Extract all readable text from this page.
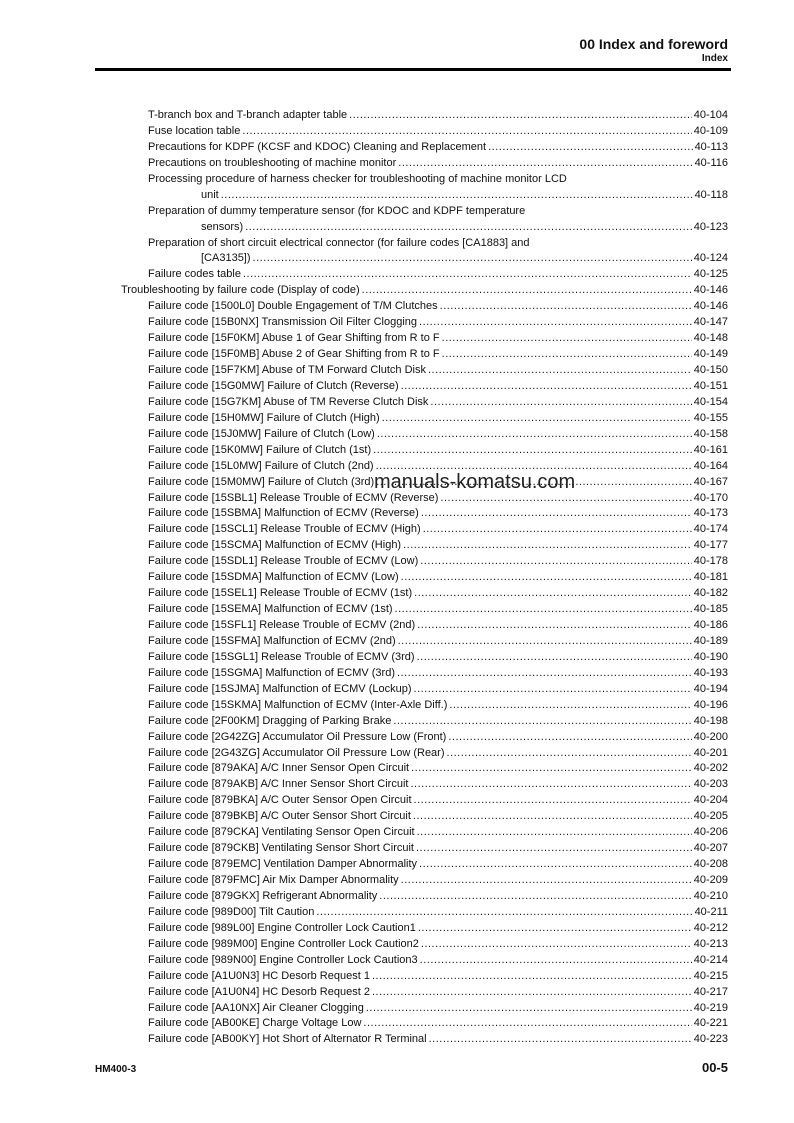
00 Index and foreword
Index
T-branch box and T-branch adapter table .....	40-104
Fuse location table .....	40-109
Precautions for KDPF (KCSF and KDOC) Cleaning and Replacement .....	40-113
Precautions on troubleshooting of machine monitor .....	40-116
Processing procedure of harness checker for troubleshooting of machine monitor LCD
unit .....	40-118
Preparation of dummy temperature sensor (for KDOC and KDPF temperature
sensors) .....	40-123
Preparation of short circuit electrical connector (for failure codes [CA1883] and
[CA3135]) .....	40-124
Failure codes table .....	40-125
Troubleshooting by failure code (Display of code) .....	40-146
Failure code [1500L0] Double Engagement of T/M Clutches .....	40-146
Failure code [15B0NX] Transmission Oil Filter Clogging .....	40-147
Failure code [15F0KM] Abuse 1 of Gear Shifting from R to F .....	40-148
Failure code [15F0MB] Abuse 2 of Gear Shifting from R to F .....	40-149
Failure code [15F7KM] Abuse of TM Forward Clutch Disk .....	40-150
Failure code [15G0MW] Failure of Clutch (Reverse) .....	40-151
Failure code [15G7KM] Abuse of TM Reverse Clutch Disk .....	40-154
Failure code [15H0MW] Failure of Clutch (High) .....	40-155
Failure code [15J0MW] Failure of Clutch (Low) .....	40-158
Failure code [15K0MW] Failure of Clutch (1st) .....	40-161
Failure code [15L0MW] Failure of Clutch (2nd) .....	40-164
Failure code [15M0MW] Failure of Clutch (3rd) .....	40-167
Failure code [15SBL1] Release Trouble of ECMV (Reverse) .....	40-170
Failure code [15SBMA] Malfunction of ECMV (Reverse) .....	40-173
Failure code [15SCL1] Release Trouble of ECMV (High) .....	40-174
Failure code [15SCMA] Malfunction of ECMV (High) .....	40-177
Failure code [15SDL1] Release Trouble of ECMV (Low) .....	40-178
Failure code [15SDMA] Malfunction of ECMV (Low) .....	40-181
Failure code [15SEL1] Release Trouble of ECMV (1st) .....	40-182
Failure code [15SEMA] Malfunction of ECMV (1st) .....	40-185
Failure code [15SFL1] Release Trouble of ECMV (2nd) .....	40-186
Failure code [15SFMA] Malfunction of ECMV (2nd) .....	40-189
Failure code [15SGL1] Release Trouble of ECMV (3rd) .....	40-190
Failure code [15SGMA] Malfunction of ECMV (3rd) .....	40-193
Failure code [15SJMA] Malfunction of ECMV (Lockup) .....	40-194
Failure code [15SKMA] Malfunction of ECMV (Inter-Axle Diff.) .....	40-196
Failure code [2F00KM] Dragging of Parking Brake .....	40-198
Failure code [2G42ZG] Accumulator Oil Pressure Low (Front) .....	40-200
Failure code [2G43ZG] Accumulator Oil Pressure Low (Rear) .....	40-201
Failure code [879AKA] A/C Inner Sensor Open Circuit .....	40-202
Failure code [879AKB] A/C Inner Sensor Short Circuit .....	40-203
Failure code [879BKA] A/C Outer Sensor Open Circuit .....	40-204
Failure code [879BKB] A/C Outer Sensor Short Circuit .....	40-205
Failure code [879CKA] Ventilating Sensor Open Circuit .....	40-206
Failure code [879CKB] Ventilating Sensor Short Circuit .....	40-207
Failure code [879EMC] Ventilation Damper Abnormality .....	40-208
Failure code [879FMC] Air Mix Damper Abnormality .....	40-209
Failure code [879GKX] Refrigerant Abnormality .....	40-210
Failure code [989D00] Tilt Caution .....	40-211
Failure code [989L00] Engine Controller Lock Caution1 .....	40-212
Failure code [989M00] Engine Controller Lock Caution2 .....	40-213
Failure code [989N00] Engine Controller Lock Caution3 .....	40-214
Failure code [A1U0N3] HC Desorb Request 1 .....	40-215
Failure code [A1U0N4] HC Desorb Request 2 .....	40-217
Failure code [AA10NX] Air Cleaner Clogging .....	40-219
Failure code [AB00KE] Charge Voltage Low .....	40-221
Failure code [AB00KY] Hot Short of Alternator R Terminal .....	40-223
manuals-komatsu.com
HM400-3	00-5
